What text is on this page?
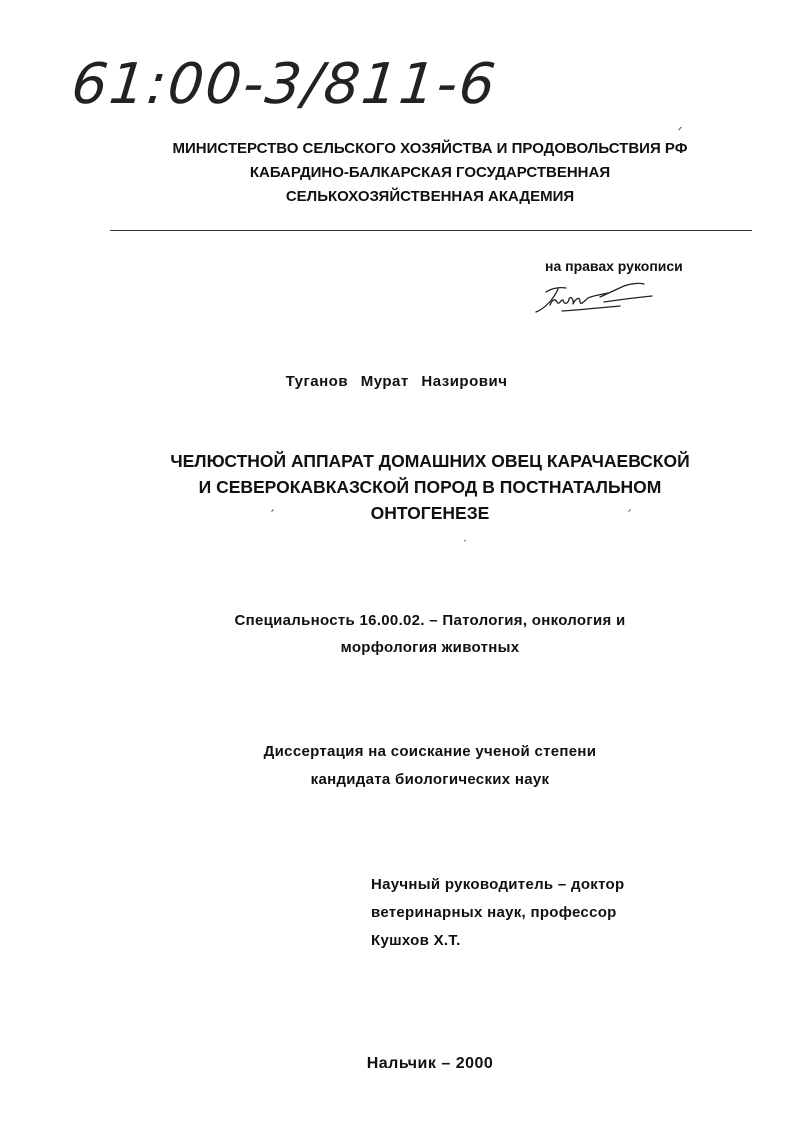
61:00-3/811-6
МИНИСТЕРСТВО СЕЛЬСКОГО ХОЗЯЙСТВА И ПРОДОВОЛЬСТВИЯ РФ
КАБАРДИНО-БАЛКАРСКАЯ ГОСУДАРСТВЕННАЯ
СЕЛЬКОХОЗЯЙСТВЕННАЯ АКАДЕМИЯ
на правах рукописи
Туганов Мурат Назирович
ЧЕЛЮСТНОЙ АППАРАТ ДОМАШНИХ ОВЕЦ КАРАЧАЕВСКОЙ
И СЕВЕРОКАВКАЗСКОЙ ПОРОД В ПОСТНАТАЛЬНОМ
ОНТОГЕНЕЗЕ
Специальность 16.00.02. – Патология, онкология и
морфология животных
Диссертация на соискание ученой степени
кандидата биологических наук
Научный руководитель – доктор
ветеринарных наук, профессор
Кушхов Х.Т.
Нальчик – 2000
